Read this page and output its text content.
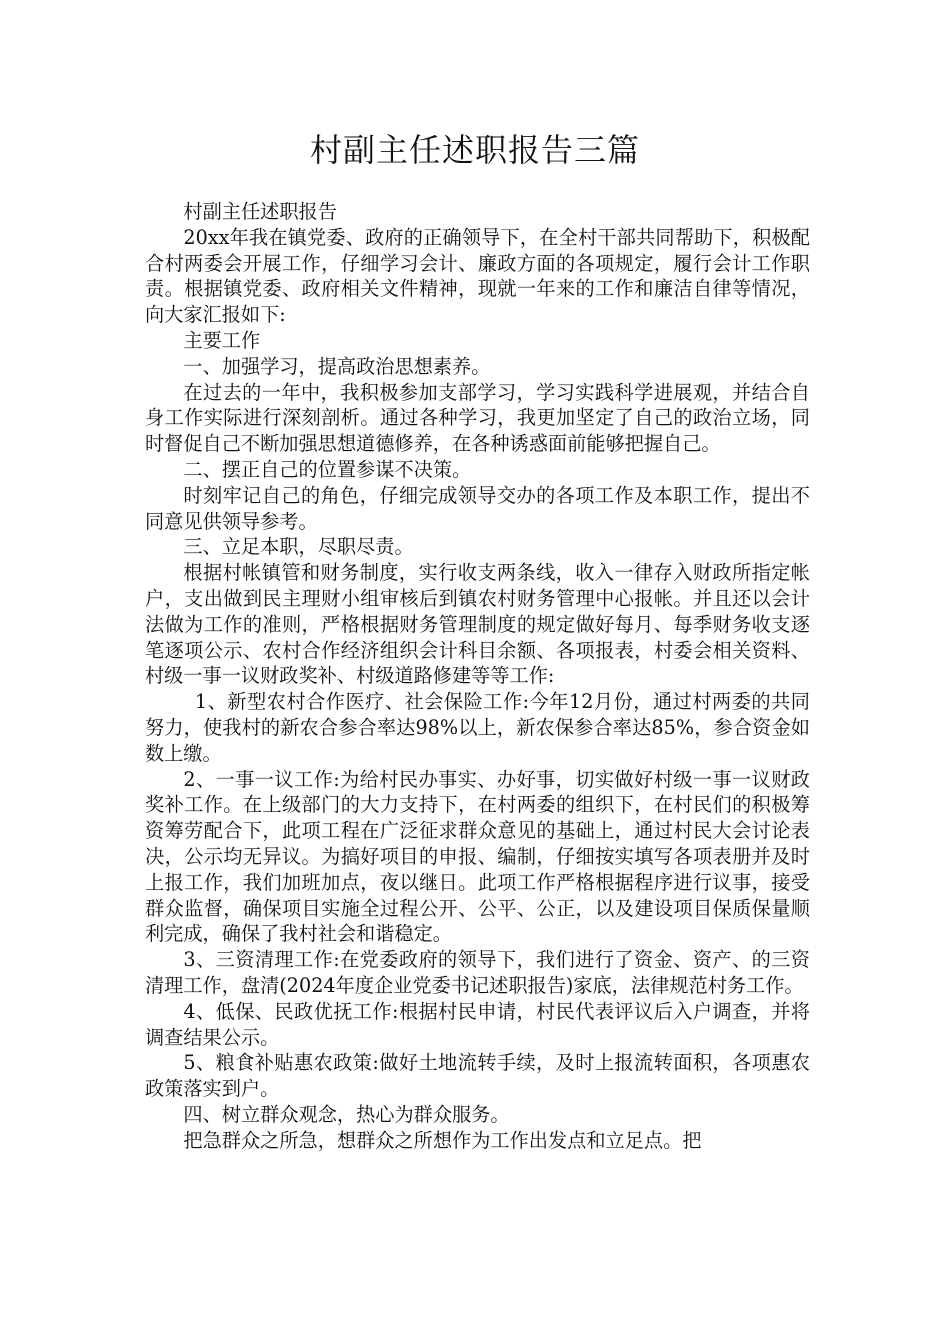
村副主任述职报告三篇

村副主任述职报告

20xx年我在镇党委、政府的正确领导下，在全村干部共同帮助下，积极配合村两委会开展工作，仔细学习会计、廉政方面的各项规定，履行会计工作职责。根据镇党委、政府相关文件精神，现就一年来的工作和廉洁自律等情况，向大家汇报如下:

主要工作

一、加强学习，提高政治思想素养。

在过去的一年中，我积极参加支部学习，学习实践科学进展观，并结合自身工作实际进行深刻剖析。通过各种学习，我更加坚定了自己的政治立场，同时督促自己不断加强思想道德修养，在各种诱惑面前能够把握自己。

二、摆正自己的位置参谋不决策。

时刻牢记自己的角色，仔细完成领导交办的各项工作及本职工作，提出不同意见供领导参考。

三、立足本职，尽职尽责。

根据村帐镇管和财务制度，实行收支两条线，收入一律存入财政所指定帐户，支出做到民主理财小组审核后到镇农村财务管理中心报帐。并且还以会计法做为工作的准则，严格根据财务管理制度的规定做好每月、每季财务收支逐笔逐项公示、农村合作经济组织会计科目余额、各项报表，村委会相关资料、村级一事一议财政奖补、村级道路修建等等工作:

1、新型农村合作医疗、社会保险工作:今年12月份，通过村两委的共同努力，使我村的新农合参合率达98%以上，新农保参合率达85%，参合资金如数上缴。

2、一事一议工作:为给村民办事实、办好事，切实做好村级一事一议财政奖补工作。在上级部门的大力支持下，在村两委的组织下，在村民们的积极筹资筹劳配合下，此项工程在广泛征求群众意见的基础上，通过村民大会讨论表决，公示均无异议。为搞好项目的申报、编制，仔细按实填写各项表册并及时上报工作，我们加班加点，夜以继日。此项工作严格根据程序进行议事，接受群众监督，确保项目实施全过程公开、公平、公正，以及建设项目保质保量顺利完成，确保了我村社会和谐稳定。

3、三资清理工作:在党委政府的领导下，我们进行了资金、资产、的三资清理工作，盘清(2024年度企业党委书记述职报告)家底，法律规范村务工作。

4、低保、民政优抚工作:根据村民申请，村民代表评议后入户调查，并将调查结果公示。

5、粮食补贴惠农政策:做好土地流转手续，及时上报流转面积，各项惠农政策落实到户。

四、树立群众观念，热心为群众服务。

把急群众之所急，想群众之所想作为工作出发点和立足点。把
